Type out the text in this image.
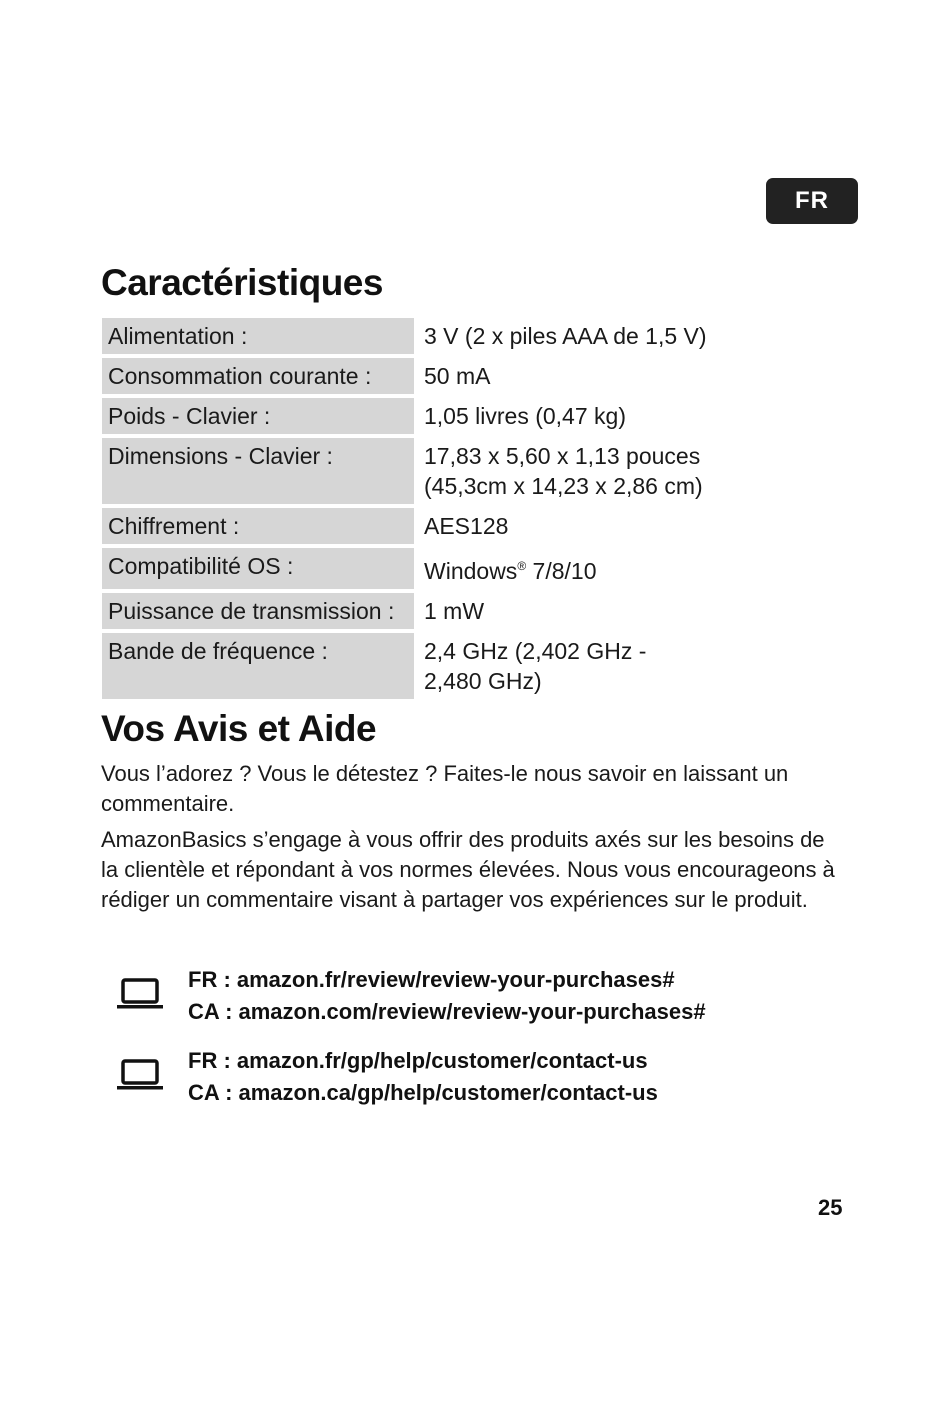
FR
Caractéristiques
Alimentation :	3 V (2 x piles AAA de 1,5 V)
Consommation courante :	50 mA
Poids - Clavier :	1,05 livres (0,47 kg)
Dimensions - Clavier :	17,83 x 5,60 x 1,13 pouces
(45,3cm x 14,23 x 2,86 cm)

Chiffrement :	AES128
Compatibilité OS :	Windows® 7/8/10
Puissance de transmission :	1 mW
Bande de fréquence :	2,4 GHz (2,402 GHz -
2,480 GHz)
Vos Avis et Aide

Vous l’adorez ? Vous le détestez ? Faites-le nous savoir en laissant un commentaire.

AmazonBasics s’engage à vous offrir des produits axés sur les besoins de la clientèle et répondant à vos normes élevées. Nous vous encourageons à rédiger un commentaire visant à partager vos expériences sur le produit.

FR : amazon.fr/review/review-your-purchases#
CA : amazon.com/review/review-your-purchases#
FR : amazon.fr/gp/help/customer/contact-us
CA : amazon.ca/gp/help/customer/contact-us
25
